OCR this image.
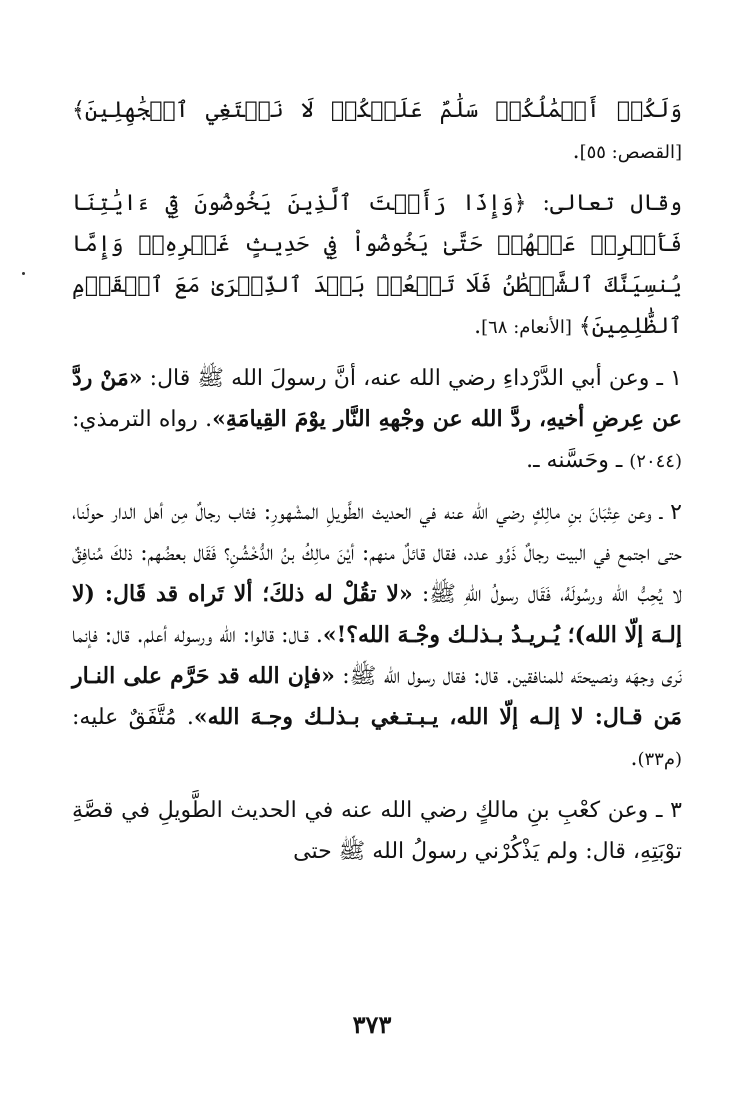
وَلَكُمۡ أَعۡمَٰلُكُمۡ سَلَٰمٌ عَلَيۡكُمۡ لَا نَبۡتَغِي ٱلۡجَٰهِلِينَ﴾ [القصص: ٥٥].

وقال تعالى: ﴿وَإِذَا رَأَيۡتَ ٱلَّذِينَ يَخُوضُونَ فِيٓ ءَايَٰتِنَا فَأَعۡرِضۡ عَنۡهُمۡ حَتَّىٰ يَخُوضُواْ فِي حَدِيثٍ غَيۡرِهِۦۚ وَإِمَّا يُنسِيَنَّكَ ٱلشَّيۡطَٰنُ فَلَا تَقۡعُدۡ بَعۡدَ ٱلذِّكۡرَىٰ مَعَ ٱلۡقَوۡمِ ٱلظَّٰلِمِينَ﴾ [الأنعام: ٦٨].

١ ـ وعن أبي الدَّرْداءِ رضي الله عنه، أنَّ رسولَ الله ﷺ قال: «مَنْ ردَّ عن عِرضِ أخيهِ، ردَّ الله عن وجْههِ النَّار يوْمَ القِيامَةِ». رواه الترمذي: (٢٠٤٤) ـ وحَسَّنه ـ.

٢ ـ وعن عِتْبَانَ بنِ مالِكٍ رضي الله عنه في الحديث الطَّويلِ المشْهورِ: فثاب رجالٌ مِن أهل الدار حولَنا، حتى اجتمع في البيت رجالٌ ذَوُو عدد، فقال قائلٌ منهم: أيْنَ مالِكُ بنُ الدُّخْشُنِ؟ فَقَال بعضُهم: ذلكَ مُنافِقٌ لا يُحِبُّ الله ورسُولَهُ، فَقَال رسولُ اللهِ ﷺ: «لا تقُلْ له ذلكَ؛ ألا تَراه قد قَال: (لا إلـهَ إلّا الله)؛ يُـريـدُ بـذلـك وجْـهَ الله؟!». قـال: قالوا: الله ورسوله أعلم. قال: فإنما نَرى وجهَه ونصيحتَه للمنافقين. قال: فقال رسول الله ﷺ: «فإن الله قد حَرَّم على النـار مَن قـال: لا إلـه إلّا الله، يـبـتـغي بـذلـك وجـهَ الله». مُتَّفَقٌ عليه: (م٣٣).

٣ ـ وعن كعْبِ بنِ مالكٍ رضي الله عنه في الحديث الطَّويلِ في قصَّةِ توْبَتِهِ، قال: ولم يَذْكُرْني رسولُ الله ﷺ حتى

٣٧٣
